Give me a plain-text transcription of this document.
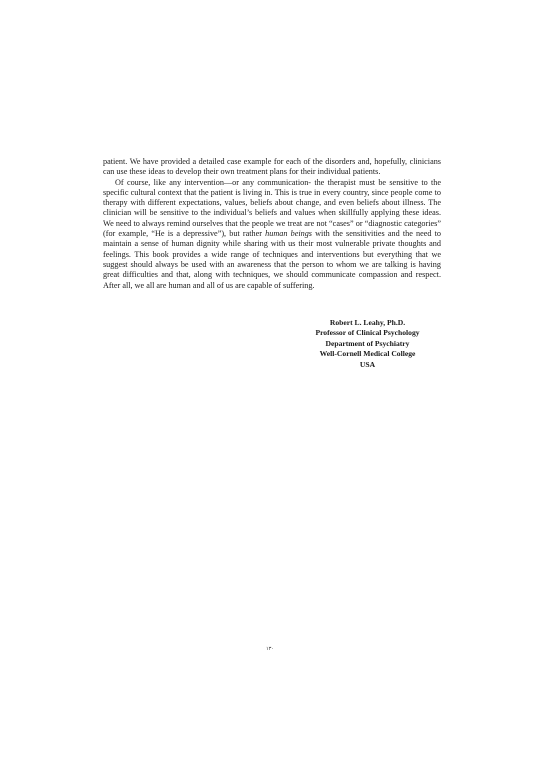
patient. We have provided a detailed case example for each of the disorders and, hopefully, clinicians can use these ideas to develop their own treatment plans for their individual patients.

Of course, like any intervention—or any communication- the therapist must be sensitive to the specific cultural context that the patient is living in. This is true in every country, since people come to therapy with different expectations, values, beliefs about change, and even beliefs about illness. The clinician will be sensitive to the individual’s beliefs and values when skillfully applying these ideas. We need to always remind ourselves that the people we treat are not “cases” or “diagnostic categories” (for example, “He is a depressive”), but rather human beings with the sensitivities and the need to maintain a sense of human dignity while sharing with us their most vulnerable private thoughts and feelings. This book provides a wide range of techniques and interventions but everything that we suggest should always be used with an awareness that the person to whom we are talking is having great difficulties and that, along with techniques, we should communicate compassion and respect. After all, we all are human and all of us are capable of suffering.

Robert L. Leahy, Ph.D.
Professor of Clinical Psychology
Department of Psychiatry
Well-Cornell Medical College
USA
١٣٠
